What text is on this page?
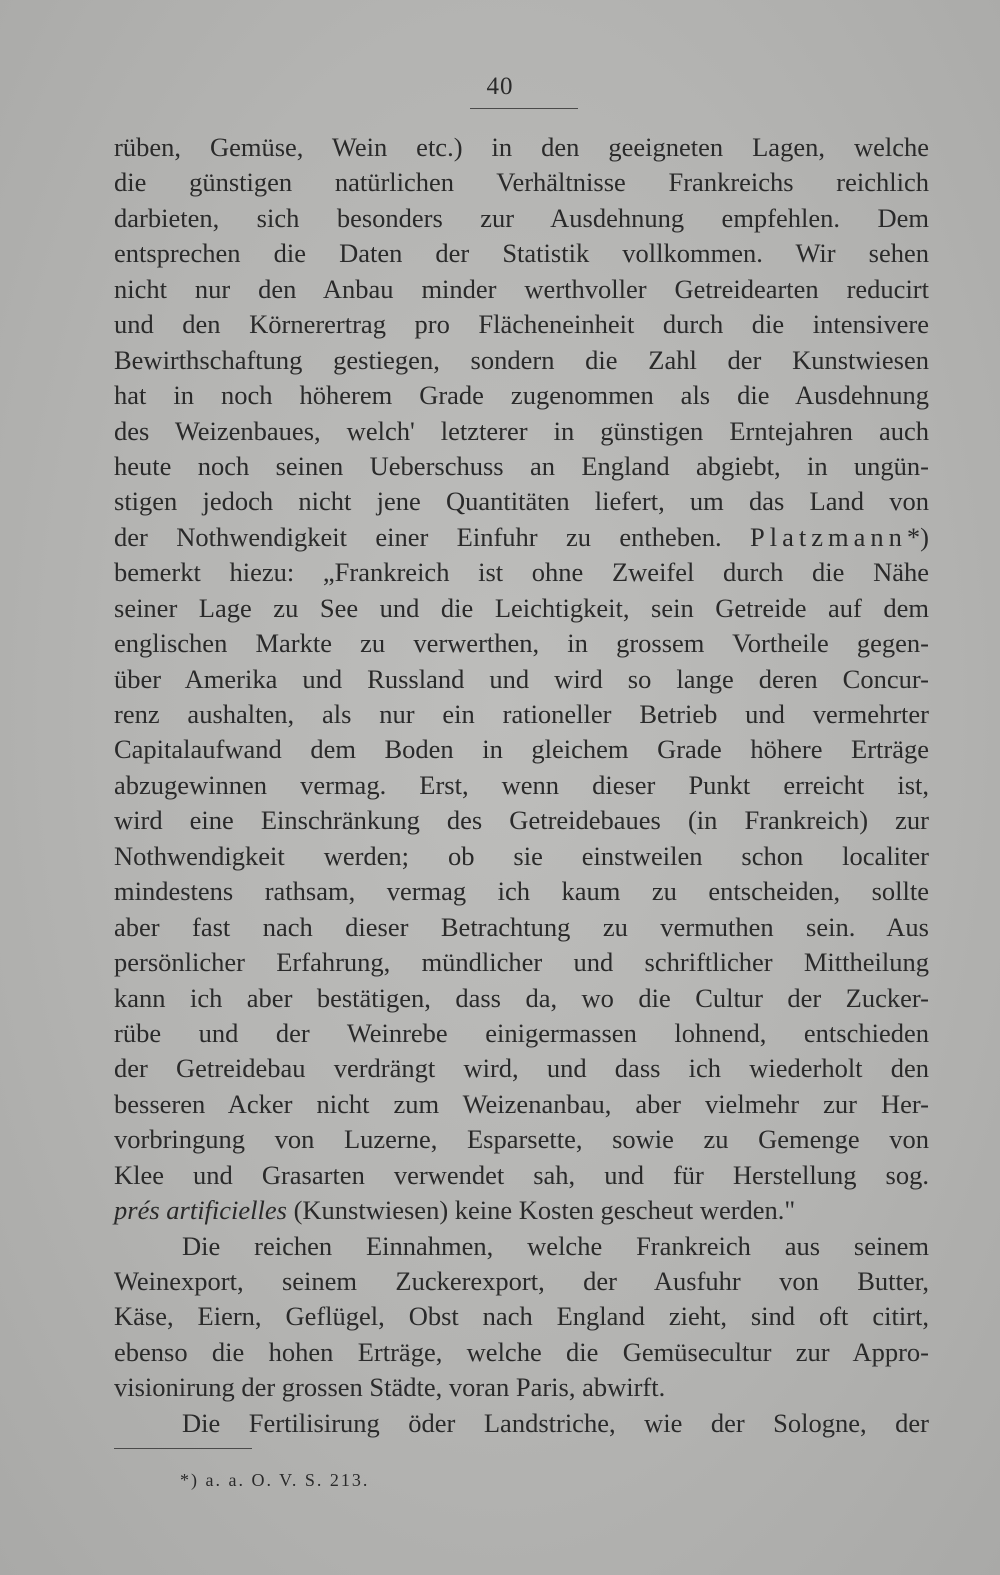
40
rüben, Gemüse, Wein etc.) in den geeigneten Lagen, welche
die günstigen natürlichen Verhältnisse Frankreichs reichlich
darbieten, sich besonders zur Ausdehnung empfehlen. Dem
entsprechen die Daten der Statistik vollkommen. Wir sehen
nicht nur den Anbau minder werthvoller Getreidearten reducirt
und den Körnerertrag pro Flächeneinheit durch die intensivere
Bewirthschaftung gestiegen, sondern die Zahl der Kunstwiesen
hat in noch höherem Grade zugenommen als die Ausdehnung
des Weizenbaues, welch' letzterer in günstigen Erntejahren auch
heute noch seinen Ueberschuss an England abgiebt, in ungün-
stigen jedoch nicht jene Quantitäten liefert, um das Land von
der Nothwendigkeit einer Einfuhr zu entheben. Platzmann*)
bemerkt hiezu: „Frankreich ist ohne Zweifel durch die Nähe
seiner Lage zu See und die Leichtigkeit, sein Getreide auf dem
englischen Markte zu verwerthen, in grossem Vortheile gegen-
über Amerika und Russland und wird so lange deren Concur-
renz aushalten, als nur ein rationeller Betrieb und vermehrter
Capitalaufwand dem Boden in gleichem Grade höhere Erträge
abzugewinnen vermag. Erst, wenn dieser Punkt erreicht ist,
wird eine Einschränkung des Getreidebaues (in Frankreich) zur
Nothwendigkeit werden; ob sie einstweilen schon localiter
mindestens rathsam, vermag ich kaum zu entscheiden, sollte
aber fast nach dieser Betrachtung zu vermuthen sein. Aus
persönlicher Erfahrung, mündlicher und schriftlicher Mittheilung
kann ich aber bestätigen, dass da, wo die Cultur der Zucker-
rübe und der Weinrebe einigermassen lohnend, entschieden
der Getreidebau verdrängt wird, und dass ich wiederholt den
besseren Acker nicht zum Weizenanbau, aber vielmehr zur Her-
vorbringung von Luzerne, Esparsette, sowie zu Gemenge von
Klee und Grasarten verwendet sah, und für Herstellung sog.
prés artificielles (Kunstwiesen) keine Kosten gescheut werden."
Die reichen Einnahmen, welche Frankreich aus seinem
Weinexport, seinem Zuckerexport, der Ausfuhr von Butter,
Käse, Eiern, Geflügel, Obst nach England zieht, sind oft citirt,
ebenso die hohen Erträge, welche die Gemüsecultur zur Appro-
visionirung der grossen Städte, voran Paris, abwirft.
Die Fertilisirung öder Landstriche, wie der Sologne, der
*) a. a. O. V. S. 213.
